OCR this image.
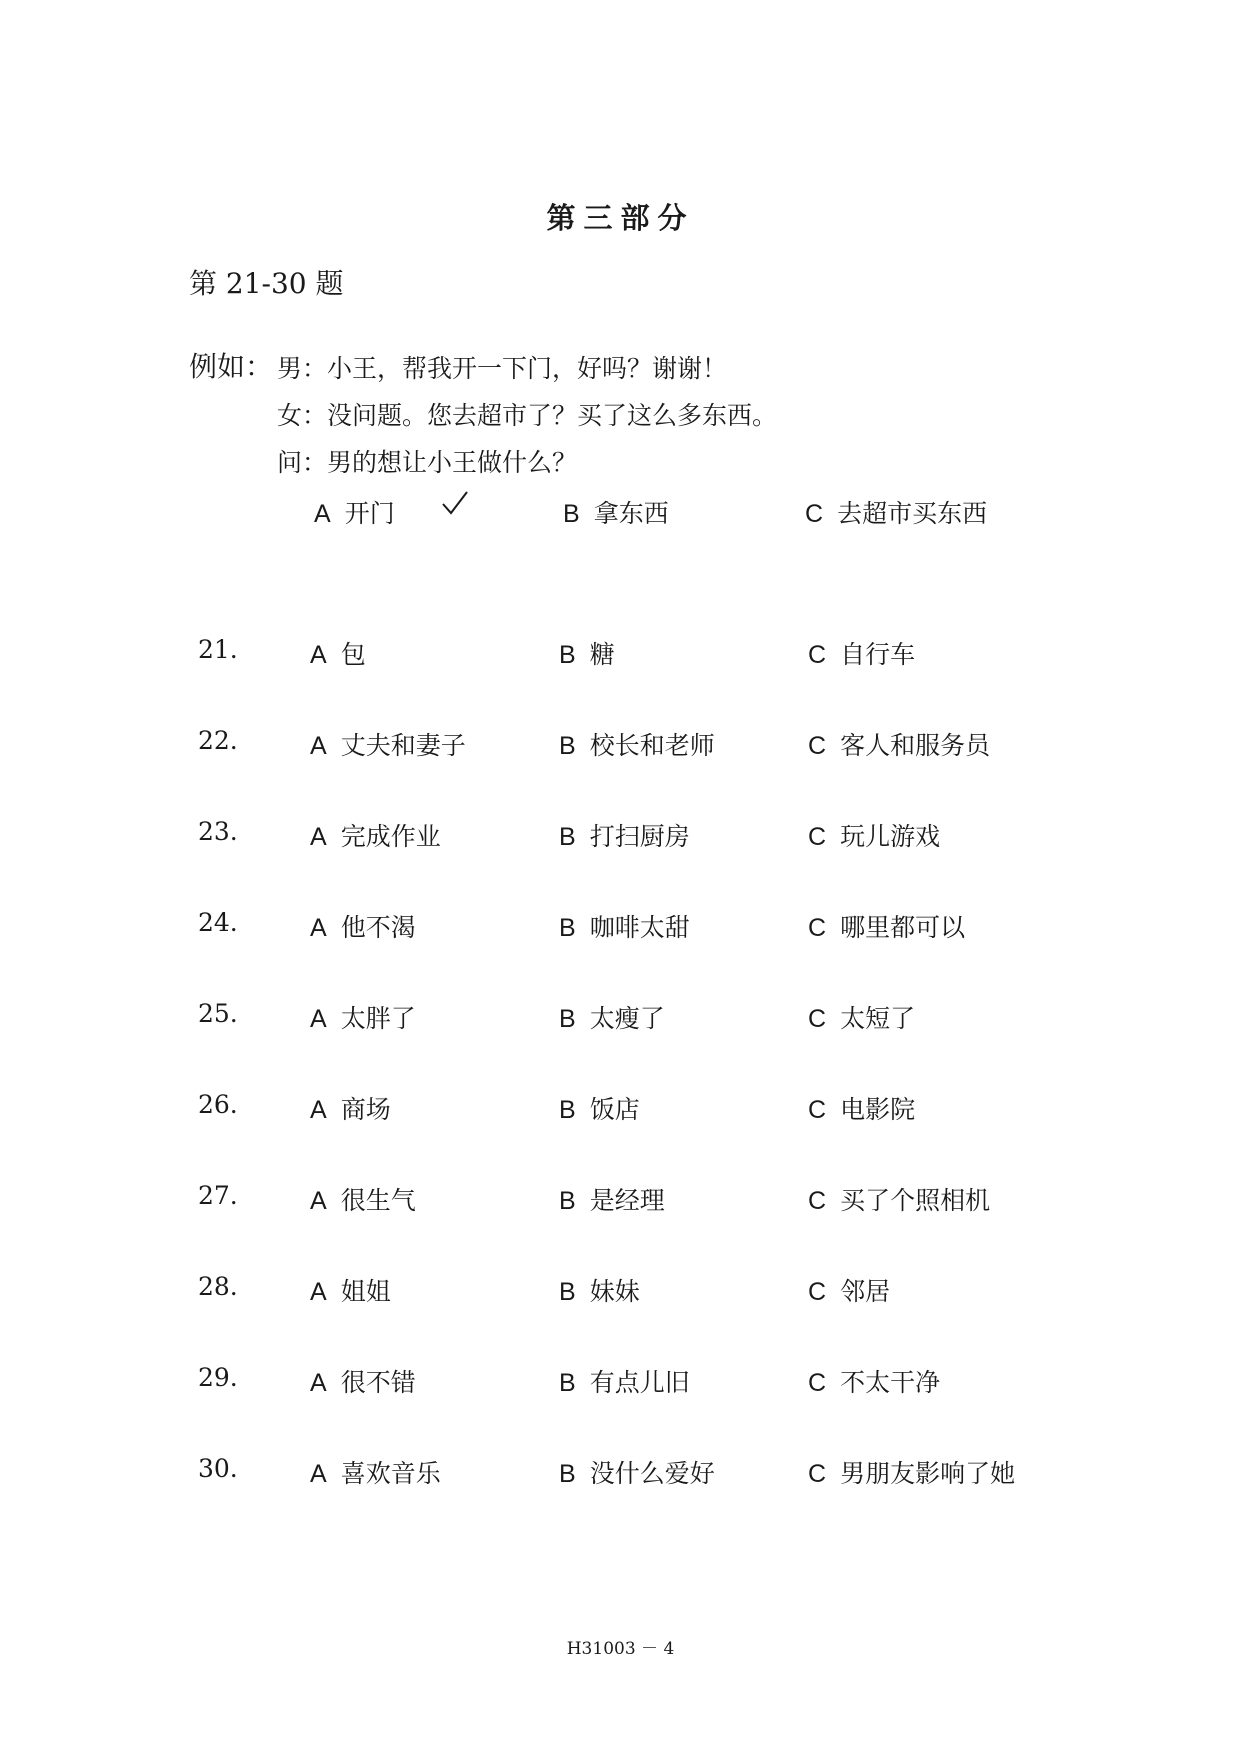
第三部分
第 21-30 题
例如： 男：小王，帮我开一下门，好吗？谢谢！
女：没问题。您去超市了？买了这么多东西。
问：男的想让小王做什么？
A 开门	B 拿东西	C 去超市买东西
21.	A 包	B 糖	C 自行车
22.	A 丈夫和妻子	B 校长和老师	C 客人和服务员
23.	A 完成作业	B 打扫厨房	C 玩儿游戏
24.	A 他不渴	B 咖啡太甜	C 哪里都可以
25.	A 太胖了	B 太瘦了	C 太短了
26.	A 商场	B 饭店	C 电影院
27.	A 很生气	B 是经理	C 买了个照相机
28.	A 姐姐	B 妹妹	C 邻居
29.	A 很不错	B 有点儿旧	C 不太干净
30.	A 喜欢音乐	B 没什么爱好	C 男朋友影响了她
H31003 － 4
